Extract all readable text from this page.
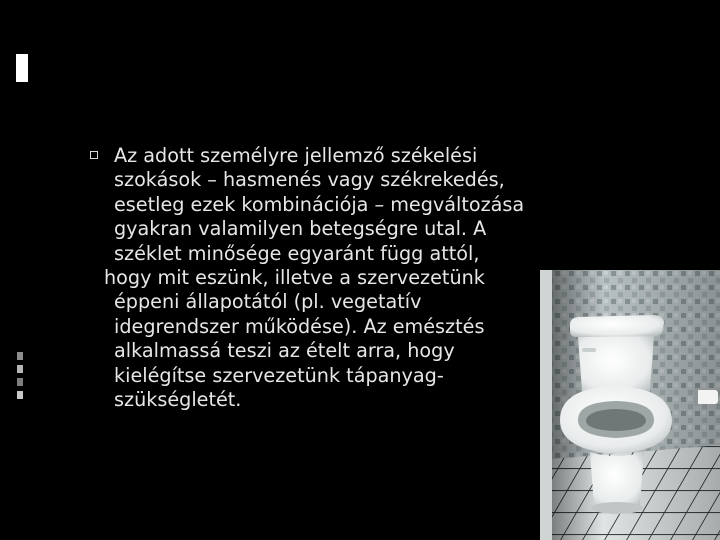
Az adott személyre jellemző székelési szokások – hasmenés vagy székrekedés, esetleg ezek kombinációja – megváltozása gyakran valamilyen betegségre utal. A széklet minősége egyaránt függ attól,
hogy mit eszünk, illetve a szervezetünk
éppeni állapotától (pl. vegetatív idegrendszer működése). Az emésztés alkalmassá teszi az ételt arra, hogy kielégítse szervezetünk tápanyag-szükségletét.
